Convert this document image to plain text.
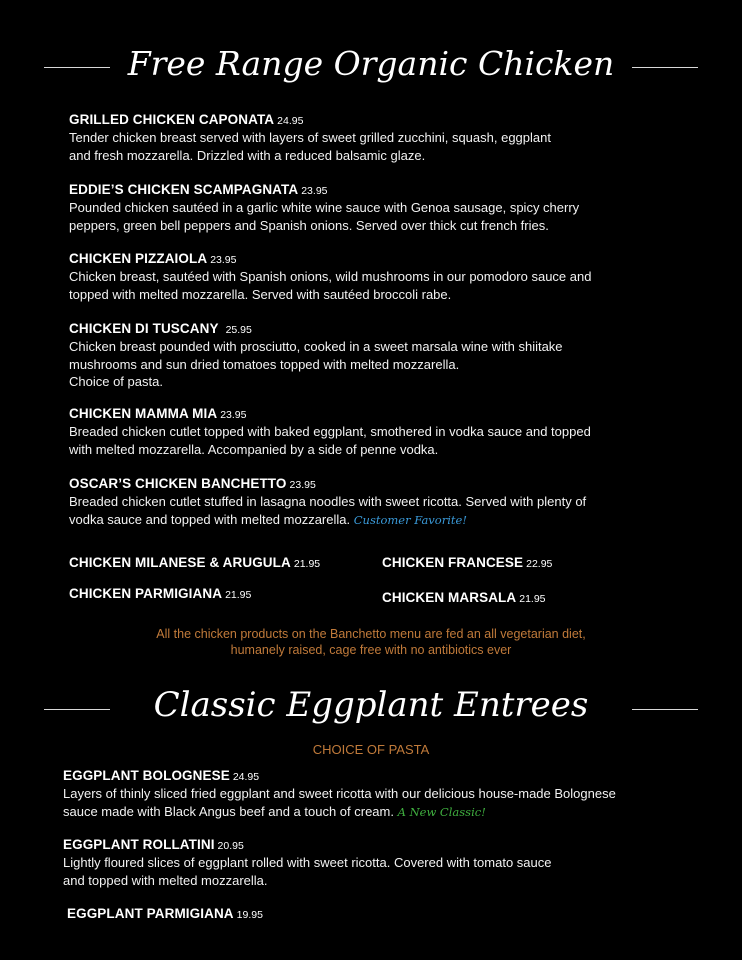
Free Range Organic Chicken
GRILLED CHICKEN CAPONATA 24.95
Tender chicken breast served with layers of sweet grilled zucchini, squash, eggplant
and fresh mozzarella. Drizzled with a reduced balsamic glaze.
EDDIE’S CHICKEN SCAMPAGNATA 23.95
Pounded chicken sautéed in a garlic white wine sauce with Genoa sausage, spicy cherry
peppers, green bell peppers and Spanish onions. Served over thick cut french fries.
CHICKEN PIZZAIOLA 23.95
Chicken breast, sautéed with Spanish onions, wild mushrooms in our pomodoro sauce and
topped with melted mozzarella. Served with sautéed broccoli rabe.
CHICKEN DI TUSCANY 25.95
Chicken breast pounded with prosciutto, cooked in a sweet marsala wine with shiitake
mushrooms and sun dried tomatoes topped with melted mozzarella.
Choice of pasta.
CHICKEN MAMMA MIA 23.95
Breaded chicken cutlet topped with baked eggplant, smothered in vodka sauce and topped
with melted mozzarella. Accompanied by a side of penne vodka.
OSCAR’S CHICKEN BANCHETTO 23.95
Breaded chicken cutlet stuffed in lasagna noodles with sweet ricotta. Served with plenty of
vodka sauce and topped with melted mozzarella. Customer Favorite!
CHICKEN MILANESE & ARUGULA 21.95	CHICKEN FRANCESE 22.95
CHICKEN PARMIGIANA 21.95	CHICKEN MARSALA 21.95
All the chicken products on the Banchetto menu are fed an all vegetarian diet,
humanely raised, cage free with no antibiotics ever
Classic Eggplant Entrees
CHOICE OF PASTA
EGGPLANT BOLOGNESE 24.95
Layers of thinly sliced fried eggplant and sweet ricotta with our delicious house-made Bolognese
sauce made with Black Angus beef and a touch of cream. A New Classic!
EGGPLANT ROLLATINI 20.95
Lightly floured slices of eggplant rolled with sweet ricotta. Covered with tomato sauce
and topped with melted mozzarella.
EGGPLANT PARMIGIANA 19.95
